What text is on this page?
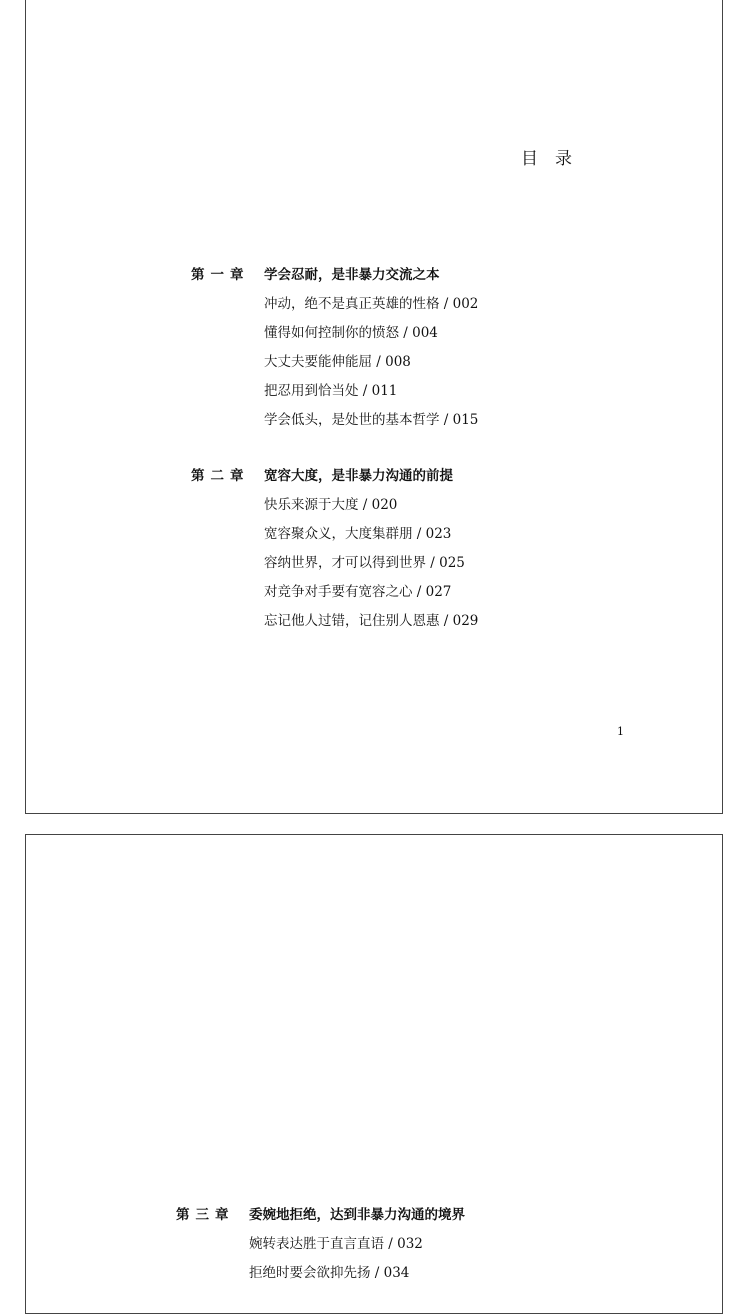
目录
第一章 学会忍耐，是非暴力交流之本
冲动，绝不是真正英雄的性格 / 002
懂得如何控制你的愤怒 / 004
大丈夫要能伸能屈 / 008
把忍用到恰当处 / 011
学会低头，是处世的基本哲学 / 015
第二章 宽容大度，是非暴力沟通的前提
快乐来源于大度 / 020
宽容聚众义，大度集群朋 / 023
容纳世界，才可以得到世界 / 025
对竞争对手要有宽容之心 / 027
忘记他人过错，记住别人恩惠 / 029
1
第三章 委婉地拒绝，达到非暴力沟通的境界
婉转表达胜于直言直语 / 032
拒绝时要会欲抑先扬 / 034
